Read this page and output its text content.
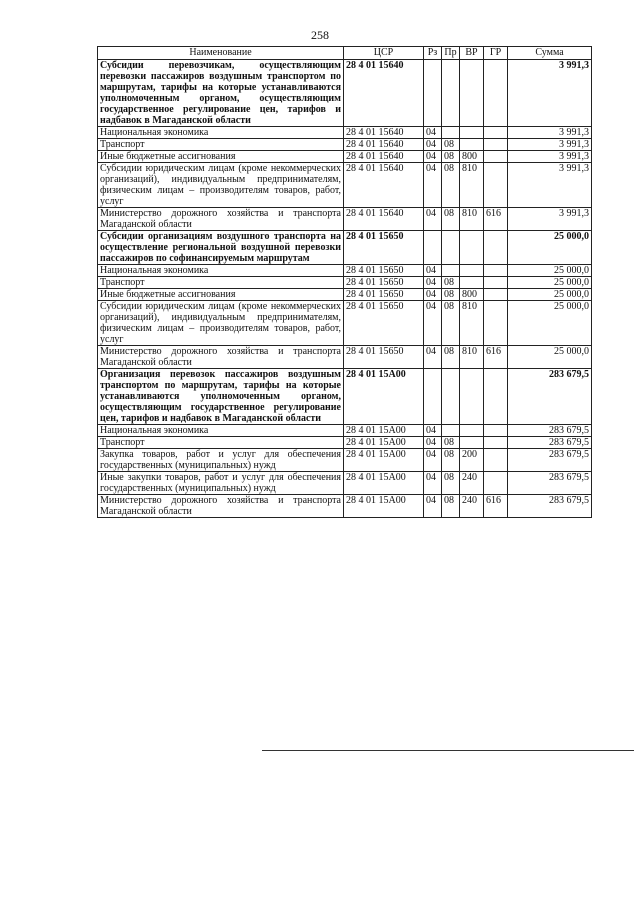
258
Наименование	ЦСР	Рз	Пр	ВР	ГР	Сумма
Субсидии перевозчикам, осуществляющим перевозки пассажиров воздушным транспортом по маршрутам, тарифы на которые устанавливаются уполномоченным органом, осуществляющим государственное регулирование цен, тарифов и надбавок в Магаданской области	28 4 01 15640					3 991,3
Национальная экономика	28 4 01 15640	04				3 991,3
Транспорт	28 4 01 15640	04	08			3 991,3
Иные бюджетные ассигнования	28 4 01 15640	04	08	800		3 991,3
Субсидии юридическим лицам (кроме некоммерческих организаций), индивидуальным предпринимателям, физическим лицам – производителям товаров, работ, услуг	28 4 01 15640	04	08	810		3 991,3
Министерство дорожного хозяйства и транспорта Магаданской области	28 4 01 15640	04	08	810	616	3 991,3
Субсидии организациям воздушного транспорта на осуществление региональной воздушной перевозки пассажиров по софинансируемым маршрутам	28 4 01 15650					25 000,0
Национальная экономика	28 4 01 15650	04				25 000,0
Транспорт	28 4 01 15650	04	08			25 000,0
Иные бюджетные ассигнования	28 4 01 15650	04	08	800		25 000,0
Субсидии юридическим лицам (кроме некоммерческих организаций), индивидуальным предпринимателям, физическим лицам – производителям товаров, работ, услуг	28 4 01 15650	04	08	810		25 000,0
Министерство дорожного хозяйства и транспорта Магаданской области	28 4 01 15650	04	08	810	616	25 000,0
Организация перевозок пассажиров воздушным транспортом по маршрутам, тарифы на которые устанавливаются уполномоченным органом, осуществляющим государственное регулирование цен, тарифов и надбавок в Магаданской области	28 4 01 15А00					283 679,5
Национальная экономика	28 4 01 15А00	04				283 679,5
Транспорт	28 4 01 15А00	04	08			283 679,5
Закупка товаров, работ и услуг для обеспечения государственных (муниципальных) нужд	28 4 01 15А00	04	08	200		283 679,5
Иные закупки товаров, работ и услуг для обеспечения государственных (муниципальных) нужд	28 4 01 15А00	04	08	240		283 679,5
Министерство дорожного хозяйства и транспорта Магаданской области	28 4 01 15А00	04	08	240	616	283 679,5
